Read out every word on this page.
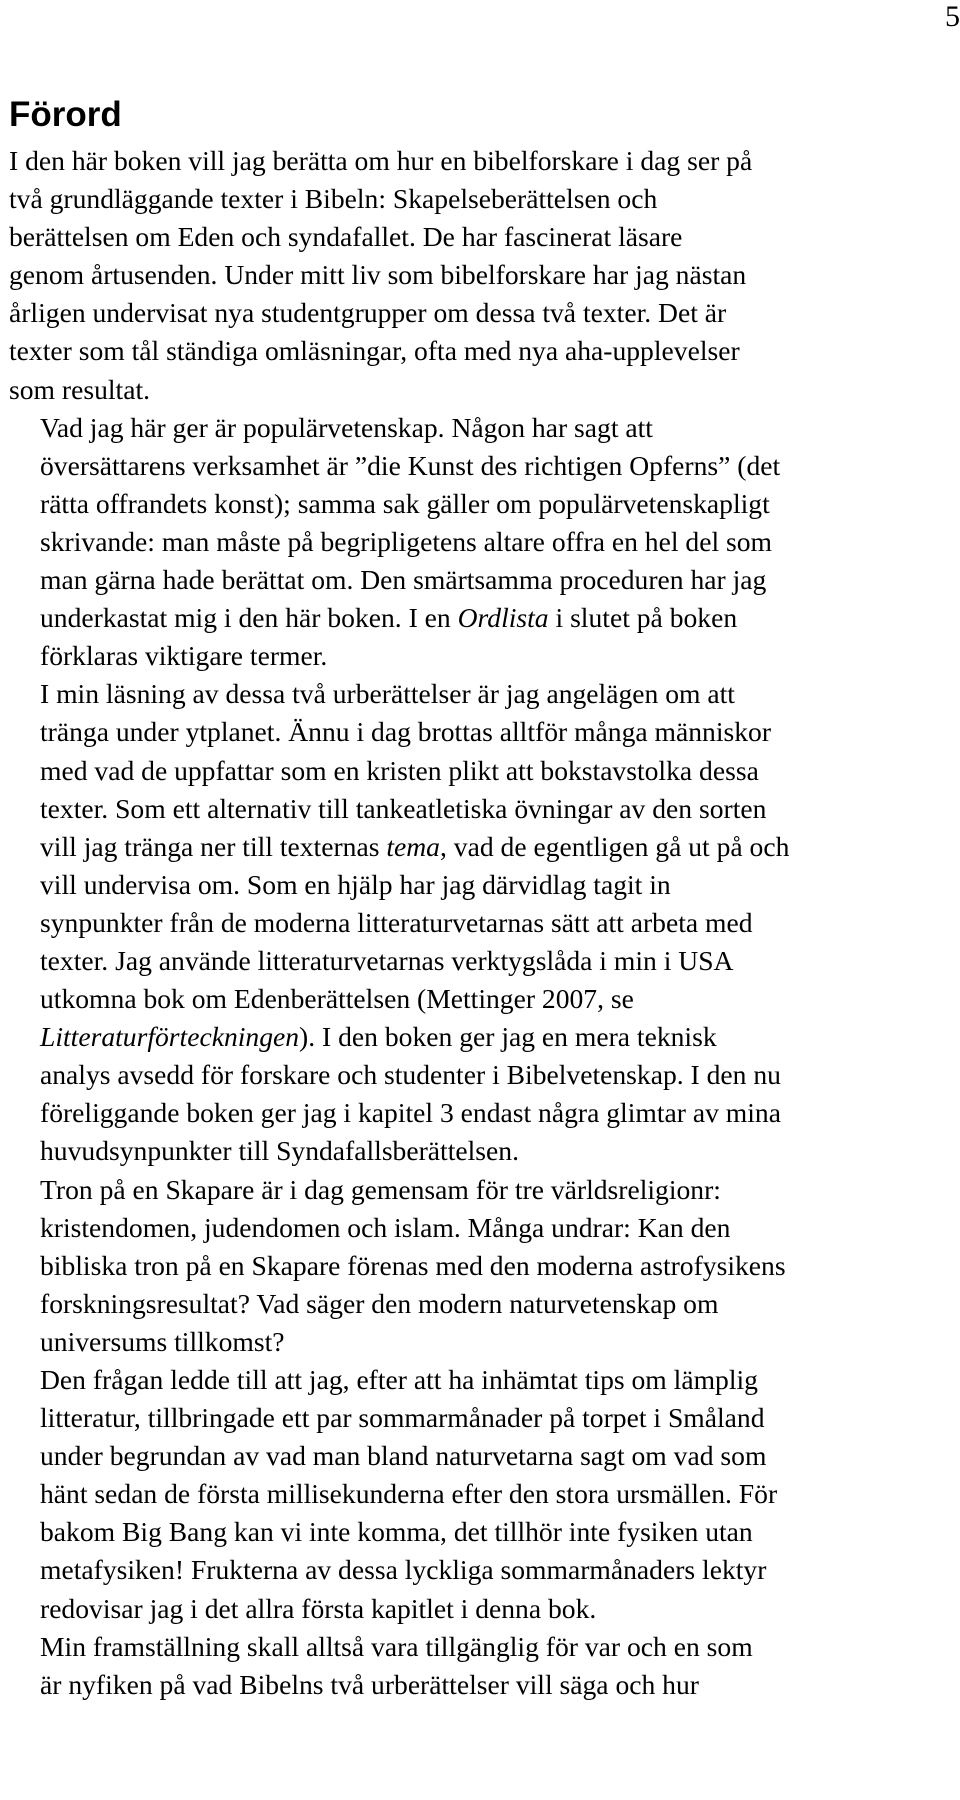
5
Förord

I den här boken vill jag berätta om hur en bibelforskare i dag ser på
två grundläggande texter i Bibeln: Skapelseberättelsen och
berättelsen om Eden och syndafallet. De har fascinerat läsare
genom årtusenden. Under mitt liv som bibelforskare har jag nästan
årligen undervisat nya studentgrupper om dessa två texter. Det är
texter som tål ständiga omläsningar, ofta med nya aha-upplevelser
som resultat.

Vad jag här ger är populärvetenskap. Någon har sagt att
översättarens verksamhet är ”die Kunst des richtigen Opferns” (det
rätta offrandets konst); samma sak gäller om populärvetenskapligt
skrivande: man måste på begripligetens altare offra en hel del som
man gärna hade berättat om. Den smärtsamma proceduren har jag
underkastat mig i den här boken. I en Ordlista i slutet på boken
förklaras viktigare termer.

I min läsning av dessa två urberättelser är jag angelägen om att
tränga under ytplanet. Ännu i dag brottas alltför många människor
med vad de uppfattar som en kristen plikt att bokstavstolka dessa
texter. Som ett alternativ till tankeatletiska övningar av den sorten
vill jag tränga ner till texternas tema, vad de egentligen gå ut på och
vill undervisa om. Som en hjälp har jag därvidlag tagit in
synpunkter från de moderna litteraturvetarnas sätt att arbeta med
texter. Jag använde litteraturvetarnas verktygslåda i min i USA
utkomna bok om Edenberättelsen (Mettinger 2007, se
Litteraturförteckningen). I den boken ger jag en mera teknisk
analys avsedd för forskare och studenter i Bibelvetenskap. I den nu
föreliggande boken ger jag i kapitel 3 endast några glimtar av mina
huvudsynpunkter till Syndafallsberättelsen.

Tron på en Skapare är i dag gemensam för tre världsreligionr:
kristendomen, judendomen och islam. Många undrar: Kan den
bibliska tron på en Skapare förenas med den moderna astrofysikens
forskningsresultat? Vad säger den modern naturvetenskap om
universums tillkomst?

Den frågan ledde till att jag, efter att ha inhämtat tips om lämplig
litteratur, tillbringade ett par sommarmånader på torpet i Småland
under begrundan av vad man bland naturvetarna sagt om vad som
hänt sedan de första millisekunderna efter den stora ursmällen. För
bakom Big Bang kan vi inte komma, det tillhör inte fysiken utan
metafysiken! Frukterna av dessa lyckliga sommarmånaders lektyr
redovisar jag i det allra första kapitlet i denna bok.

Min framställning skall alltså vara tillgänglig för var och en som
är nyfiken på vad Bibelns två urberättelser vill säga och hur
